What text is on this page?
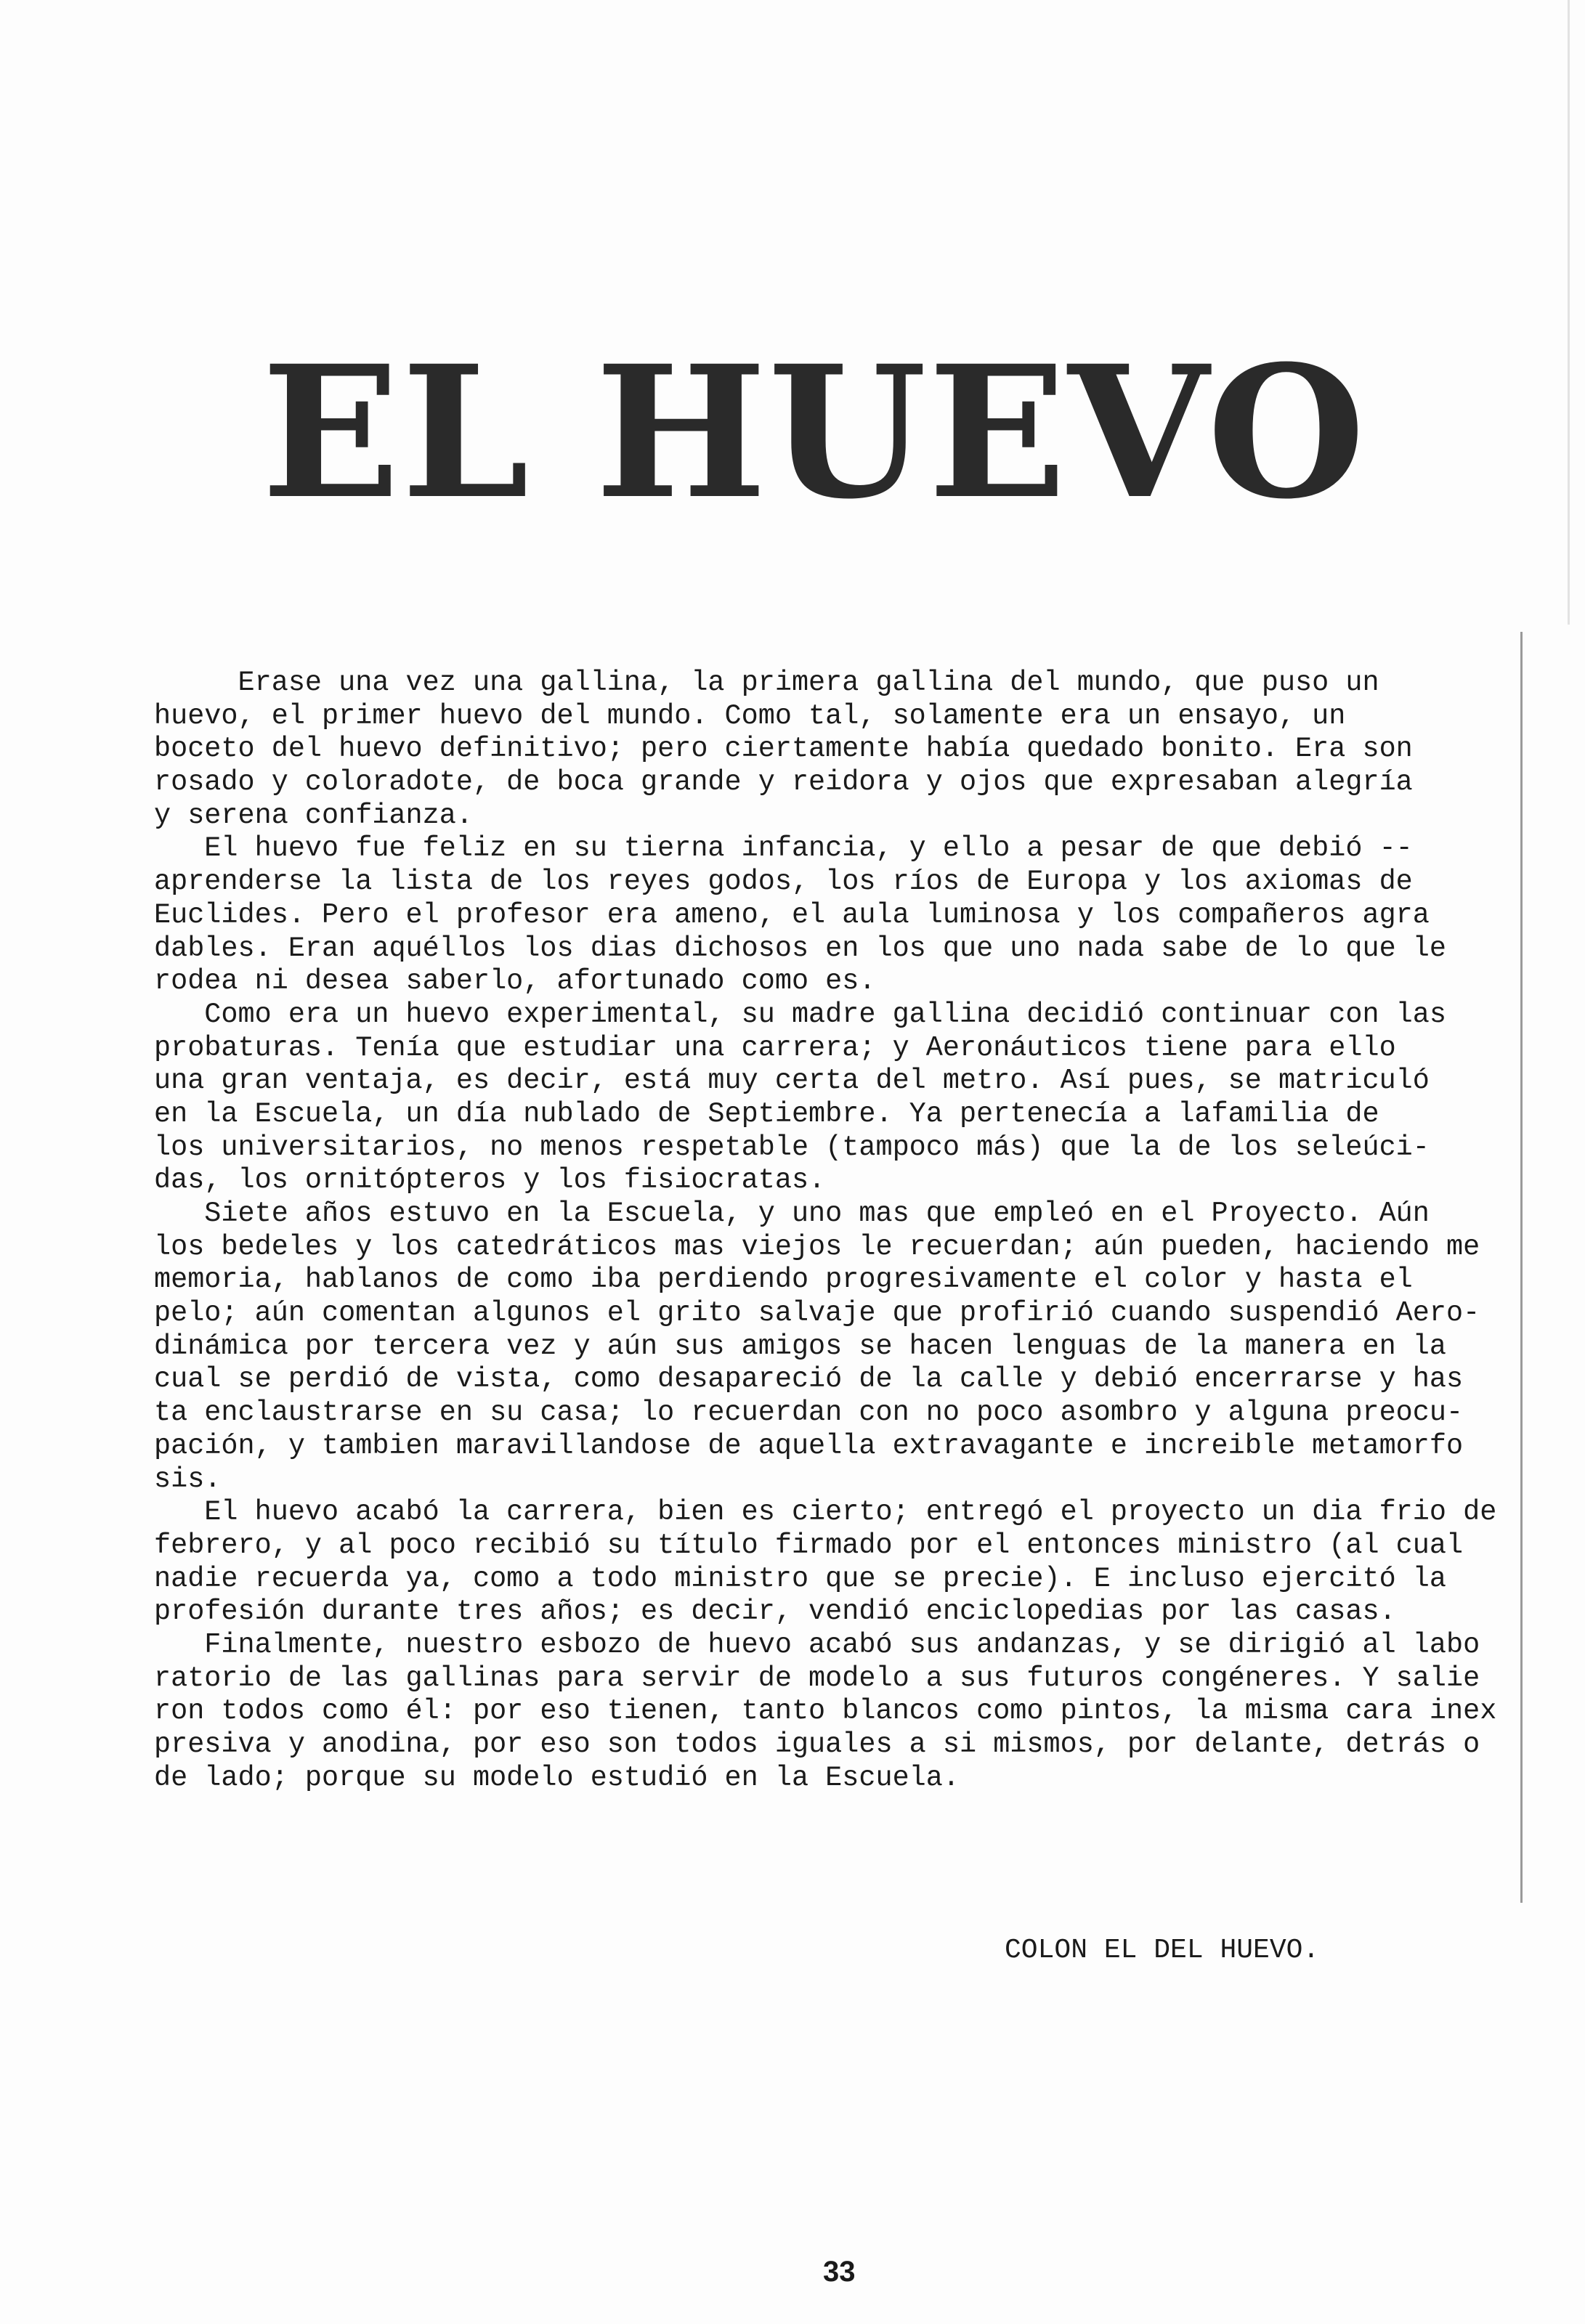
EL HUEVO
Erase una vez una gallina, la primera gallina del mundo, que puso un
huevo, el primer huevo del mundo. Como tal, solamente era un ensayo, un
boceto del huevo definitivo; pero ciertamente había quedado bonito. Era son
rosado y coloradote, de boca grande y reidora y ojos que expresaban alegría
y serena confianza.
El huevo fue feliz en su tierna infancia, y ello a pesar de que debió --
aprenderse la lista de los reyes godos, los ríos de Europa y los axiomas de
Euclides. Pero el profesor era ameno, el aula luminosa y los compañeros agra
dables. Eran aquéllos los dias dichosos en los que uno nada sabe de lo que le
rodea ni desea saberlo, afortunado como es.
Como era un huevo experimental, su madre gallina decidió continuar con las
probaturas. Tenía que estudiar una carrera; y Aeronáuticos tiene para ello
una gran ventaja, es decir, está muy certa del metro. Así pues, se matriculó
en la Escuela, un día nublado de Septiembre. Ya pertenecía a lafamilia de
los universitarios, no menos respetable (tampoco más) que la de los seleúci-
das, los ornitópteros y los fisiocratas.
Siete años estuvo en la Escuela, y uno mas que empleó en el Proyecto. Aún
los bedeles y los catedráticos mas viejos le recuerdan; aún pueden, haciendo me
memoria, hablanos de como iba perdiendo progresivamente el color y hasta el
pelo; aún comentan algunos el grito salvaje que profirió cuando suspendió Aero-
dinámica por tercera vez y aún sus amigos se hacen lenguas de la manera en la
cual se perdió de vista, como desapareció de la calle y debió encerrarse y has
ta enclaustrarse en su casa; lo recuerdan con no poco asombro y alguna preocu-
pación, y tambien maravillandose de aquella extravagante e increible metamorfo
sis.
El huevo acabó la carrera, bien es cierto; entregó el proyecto un dia frio de
febrero, y al poco recibió su título firmado por el entonces ministro (al cual
nadie recuerda ya, como a todo ministro que se precie). E incluso ejercitó la
profesión durante tres años; es decir, vendió enciclopedias por las casas.
Finalmente, nuestro esbozo de huevo acabó sus andanzas, y se dirigió al labo
ratorio de las gallinas para servir de modelo a sus futuros congéneres. Y salie
ron todos como él: por eso tienen, tanto blancos como pintos, la misma cara inex
presiva y anodina, por eso son todos iguales a si mismos, por delante, detrás o
de lado; porque su modelo estudió en la Escuela.
COLON EL DEL HUEVO.
33
